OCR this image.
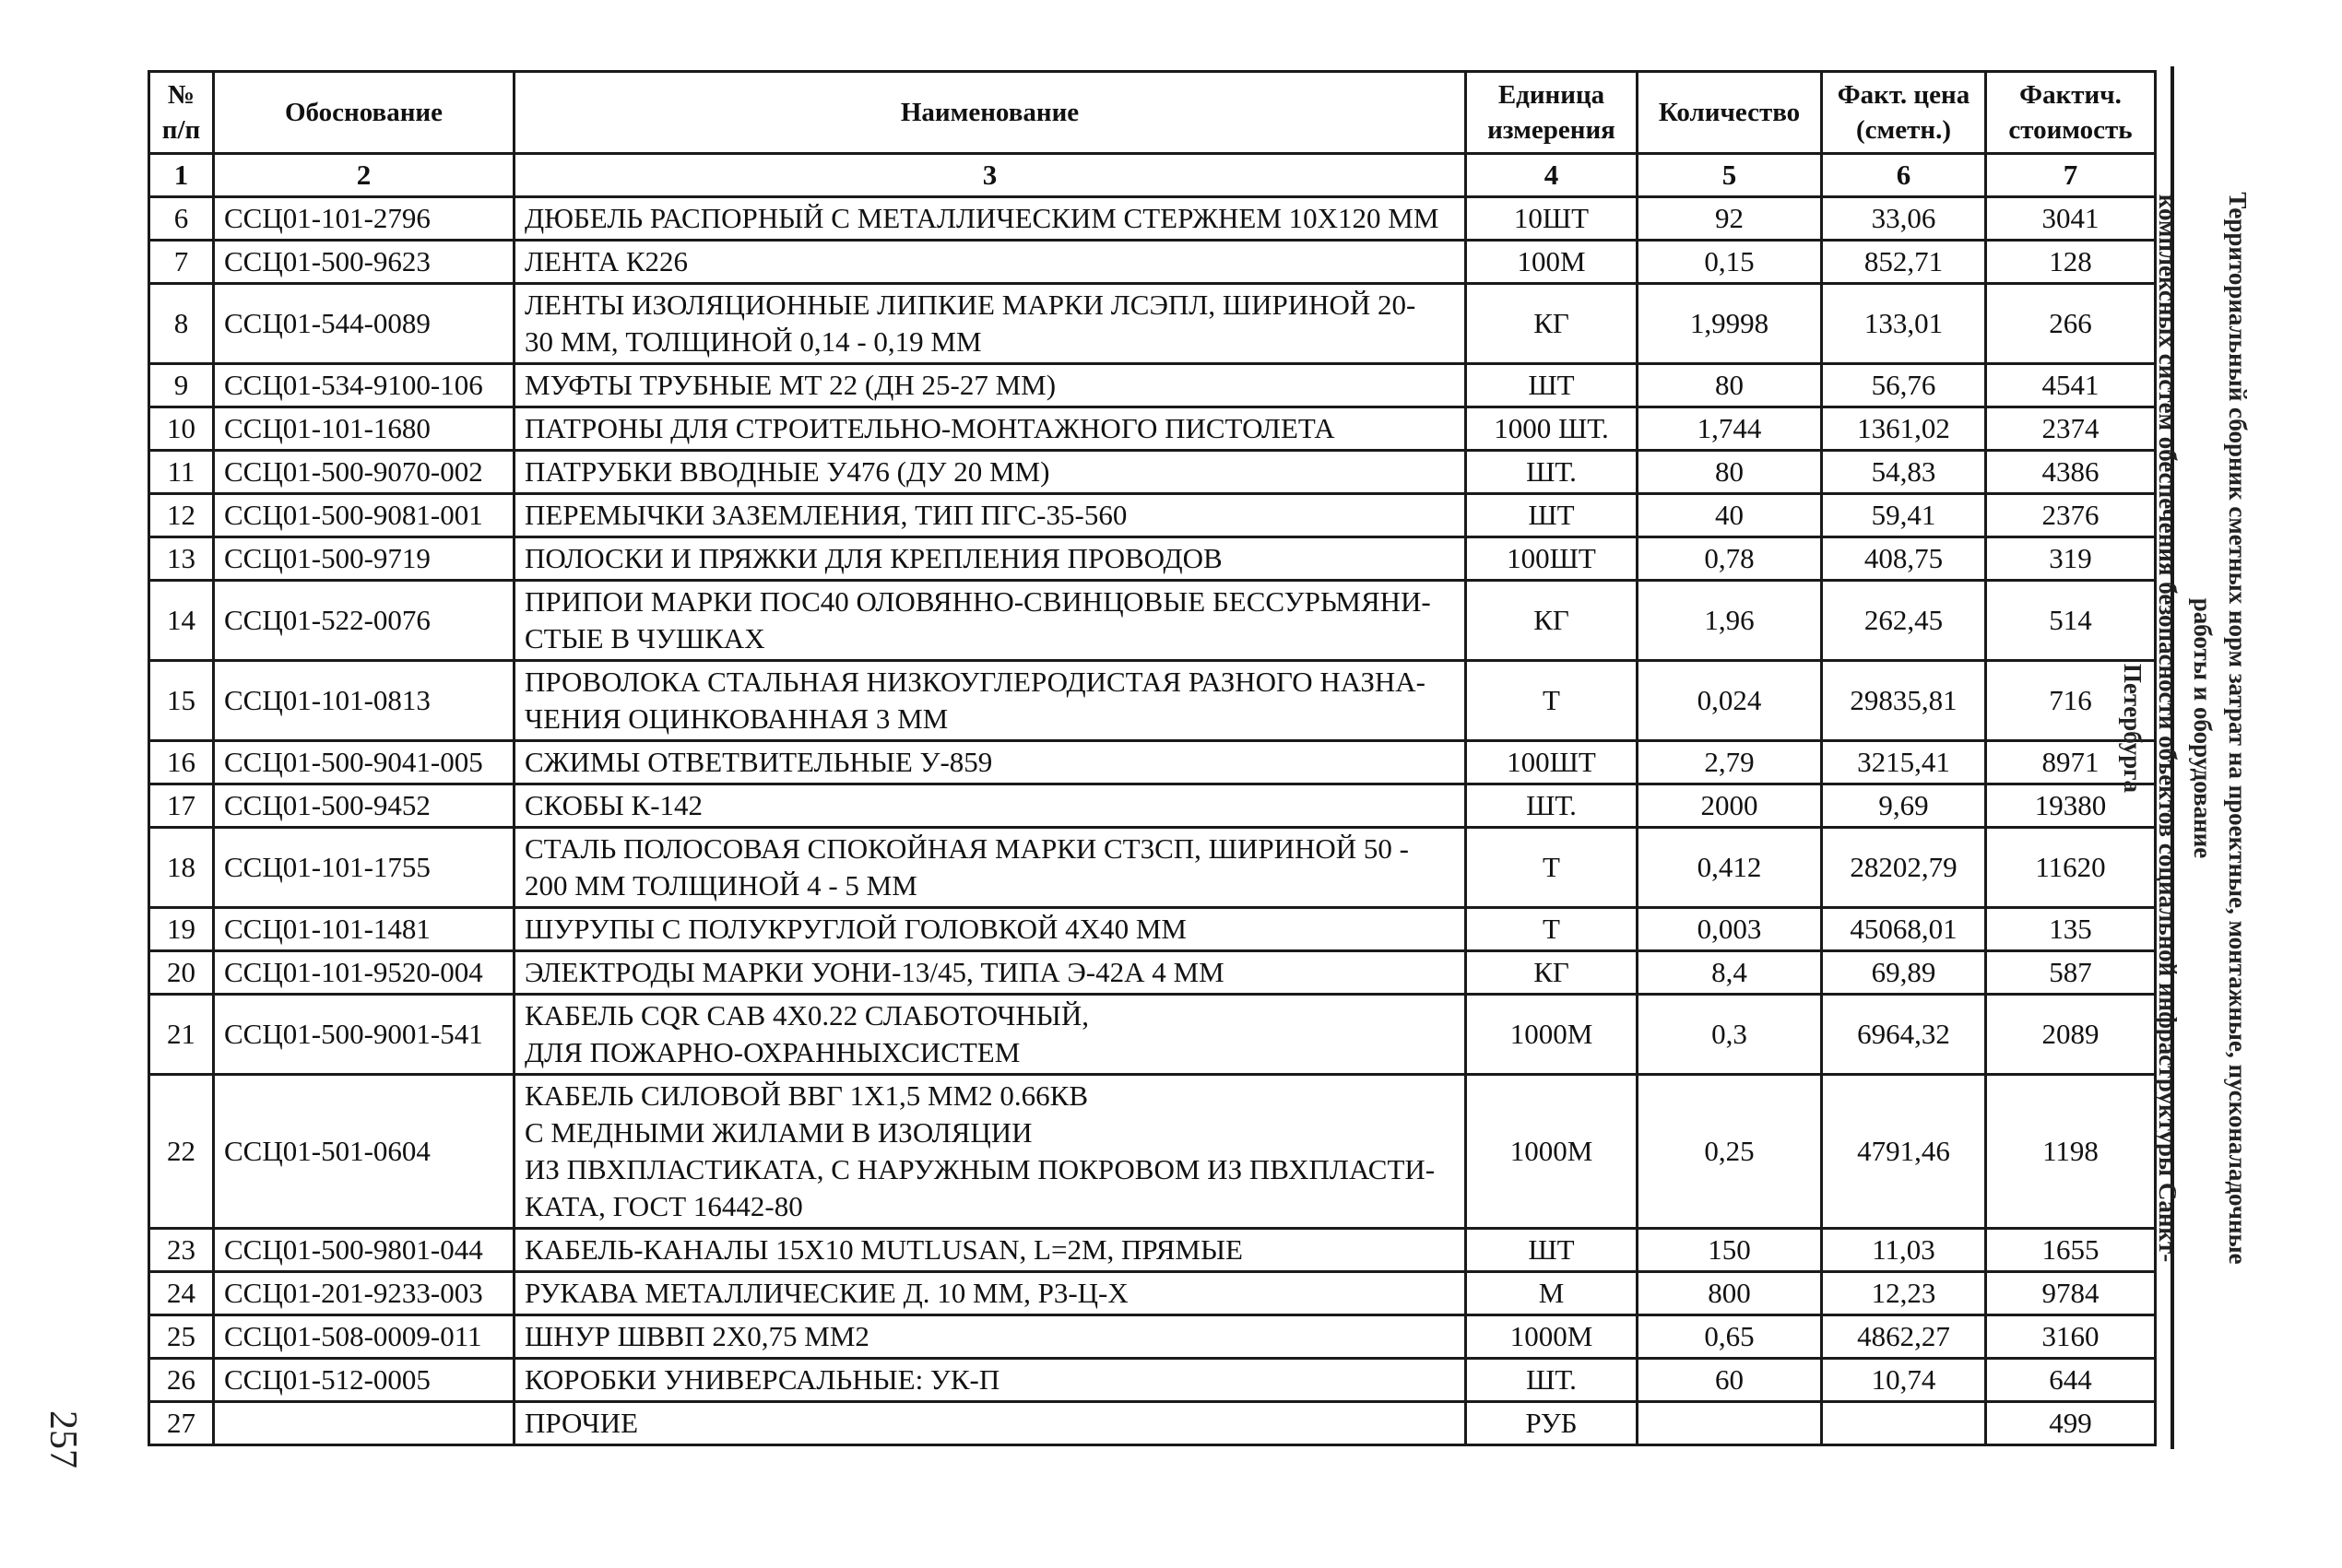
257
№ п/п	Обоснование	Наименование	Единица измерения	Количество	Факт. цена (сметн.)	Фактич. стоимость
1	2	3	4	5	6	7
6	ССЦ01-101-2796	ДЮБЕЛЬ РАСПОРНЫЙ С МЕТАЛЛИЧЕСКИМ СТЕРЖНЕМ 10Х120 ММ	10ШТ	92	33,06	3041
7	ССЦ01-500-9623	ЛЕНТА К226	100М	0,15	852,71	128
8	ССЦ01-544-0089	ЛЕНТЫ ИЗОЛЯЦИОННЫЕ ЛИПКИЕ МАРКИ ЛСЭПЛ, ШИРИНОЙ 20-
30 ММ, ТОЛЩИНОЙ 0,14 - 0,19 ММ	КГ	1,9998	133,01	266
9	ССЦ01-534-9100-106	МУФТЫ ТРУБНЫЕ МТ 22 (ДН 25-27 ММ)	ШТ	80	56,76	4541
10	ССЦ01-101-1680	ПАТРОНЫ ДЛЯ СТРОИТЕЛЬНО-МОНТАЖНОГО ПИСТОЛЕТА	1000 ШТ.	1,744	1361,02	2374
11	ССЦ01-500-9070-002	ПАТРУБКИ ВВОДНЫЕ У476 (ДУ 20 ММ)	ШТ.	80	54,83	4386
12	ССЦ01-500-9081-001	ПЕРЕМЫЧКИ ЗАЗЕМЛЕНИЯ, ТИП ПГС-35-560	ШТ	40	59,41	2376
13	ССЦ01-500-9719	ПОЛОСКИ И ПРЯЖКИ ДЛЯ КРЕПЛЕНИЯ ПРОВОДОВ	100ШТ	0,78	408,75	319
14	ССЦ01-522-0076	ПРИПОИ МАРКИ ПОС40 ОЛОВЯННО-СВИНЦОВЫЕ БЕССУРЬМЯНИ-
СТЫЕ В ЧУШКАХ	КГ	1,96	262,45	514
15	ССЦ01-101-0813	ПРОВОЛОКА СТАЛЬНАЯ НИЗКОУГЛЕРОДИСТАЯ РАЗНОГО НАЗНА-
ЧЕНИЯ ОЦИНКОВАННАЯ 3 ММ	Т	0,024	29835,81	716
16	ССЦ01-500-9041-005	СЖИМЫ ОТВЕТВИТЕЛЬНЫЕ У-859	100ШТ	2,79	3215,41	8971
17	ССЦ01-500-9452	СКОБЫ К-142	ШТ.	2000	9,69	19380
18	ССЦ01-101-1755	СТАЛЬ ПОЛОСОВАЯ СПОКОЙНАЯ МАРКИ СТ3СП, ШИРИНОЙ 50 -
200 ММ ТОЛЩИНОЙ 4 - 5 ММ	Т	0,412	28202,79	11620
19	ССЦ01-101-1481	ШУРУПЫ С ПОЛУКРУГЛОЙ ГОЛОВКОЙ 4Х40 ММ	Т	0,003	45068,01	135
20	ССЦ01-101-9520-004	ЭЛЕКТРОДЫ МАРКИ УОНИ-13/45, ТИПА Э-42А 4 ММ	КГ	8,4	69,89	587
21	ССЦ01-500-9001-541	КАБЕЛЬ CQR CAB 4X0.22 СЛАБОТОЧНЫЙ,
ДЛЯ ПОЖАРНО-ОХРАННЫХСИСТЕМ	1000М	0,3	6964,32	2089
22	ССЦ01-501-0604	КАБЕЛЬ СИЛОВОЙ ВВГ 1Х1,5 ММ2 0.66КВ
С МЕДНЫМИ ЖИЛАМИ В ИЗОЛЯЦИИ
ИЗ ПВХПЛАСТИКАТА, С НАРУЖНЫМ ПОКРОВОМ ИЗ ПВХПЛАСТИ-
КАТА, ГОСТ 16442-80	1000М	0,25	4791,46	1198
23	ССЦ01-500-9801-044	КАБЕЛЬ-КАНАЛЫ 15X10 MUTLUSAN, L=2M, ПРЯМЫЕ	ШТ	150	11,03	1655
24	ССЦ01-201-9233-003	РУКАВА МЕТАЛЛИЧЕСКИЕ Д. 10 ММ, Р3-Ц-Х	М	800	12,23	9784
25	ССЦ01-508-0009-011	ШНУР ШВВП 2Х0,75 ММ2	1000М	0,65	4862,27	3160
26	ССЦ01-512-0005	КОРОБКИ УНИВЕРСАЛЬНЫЕ: УК-П	ШТ.	60	10,74	644
27		ПРОЧИЕ	РУБ			499
Территориальный сборник сметных норм затрат на проектные, монтажные, пусконаладочные работы и оборудование
комплексных систем обеспечения безопасности объектов социальной инфраструктуры Санкт-Петербурга
